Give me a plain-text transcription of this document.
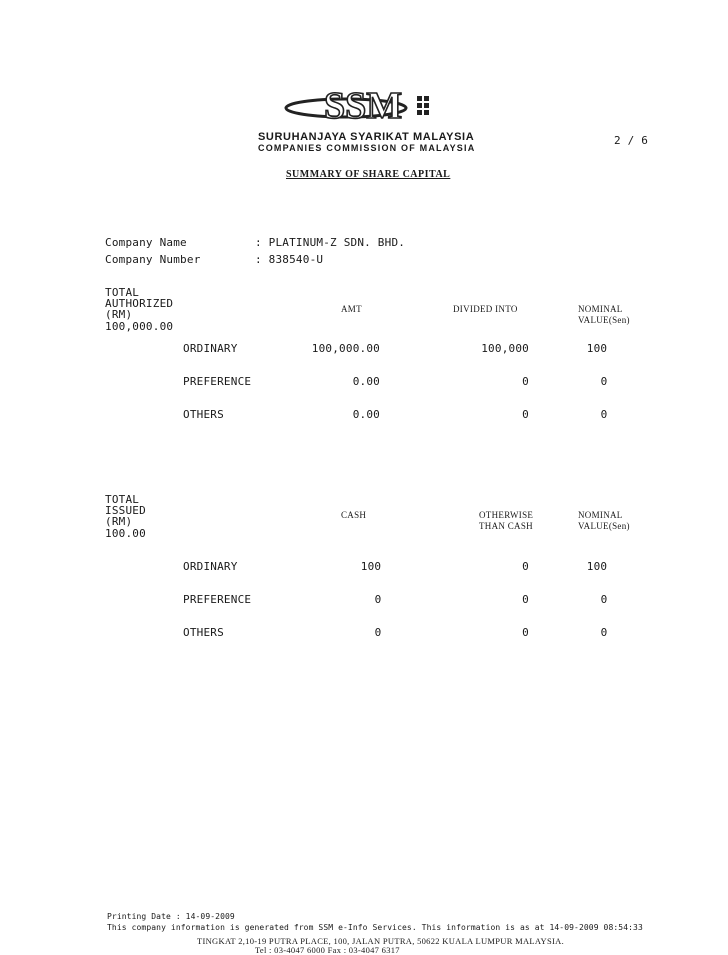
SSM
SURUHANJAYA SYARIKAT MALAYSIA
COMPANIES COMMISSION OF MALAYSIA
2 / 6
SUMMARY OF SHARE CAPITAL
Company Name	: PLATINUM-Z SDN. BHD.
Company Number	: 838540-U
TOTAL
AUTHORIZED
(RM)
100,000.00
AMT	DIVIDED INTO	NOMINAL
VALUE(Sen)
ORDINARY	100,000.00	100,000	100
PREFERENCE	0.00	0	0
OTHERS	0.00	0	0
TOTAL
ISSUED
(RM)
100.00
CASH	OTHERWISE
THAN CASH
NOMINAL
VALUE(Sen)
ORDINARY	100	0	100
PREFERENCE	0	0	0
OTHERS	0	0	0
Printing Date : 14-09-2009
This company information is generated from SSM e-Info Services. This information is as at 14-09-2009 08:54:33
TINGKAT 2,10-19 PUTRA PLACE, 100, JALAN PUTRA, 50622 KUALA LUMPUR MALAYSIA.
Tel : 03-4047 6000 Fax : 03-4047 6317
